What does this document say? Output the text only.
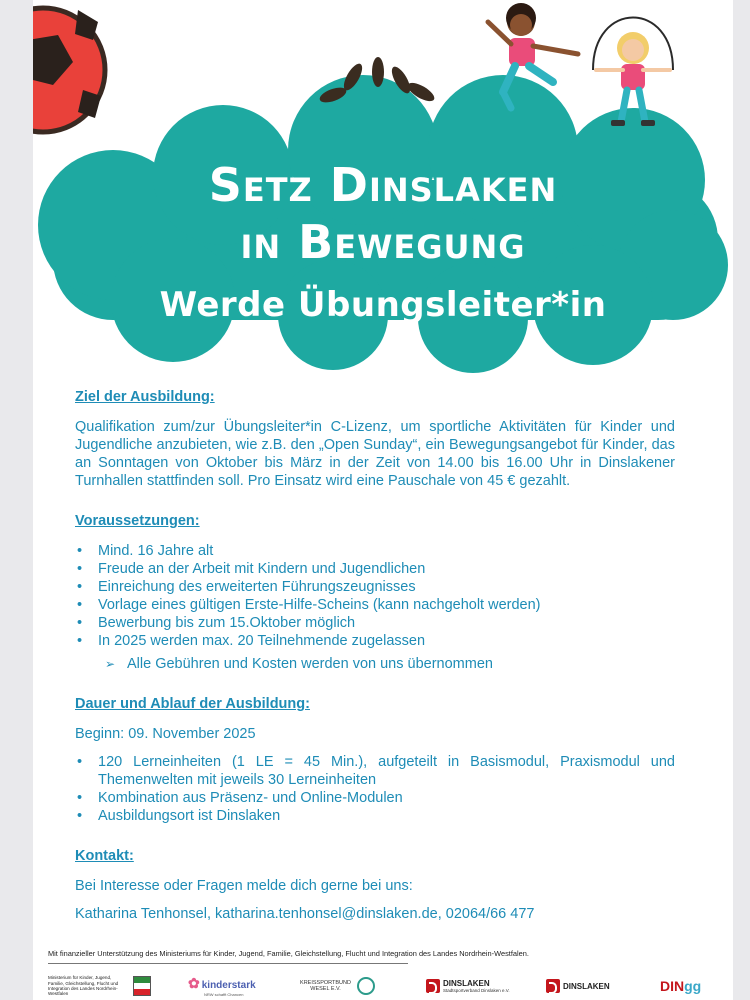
Setz Dinslaken
in Bewegung
Werde Übungsleiter*in
Ziel der Ausbildung:
Qualifikation zum/zur Übungsleiter*in C-Lizenz, um sportliche Aktivitäten für Kinder und Jugendliche anzubieten, wie z.B. den „Open Sunday“, ein Bewegungsangebot für Kinder, das an Sonntagen von Oktober bis März in der Zeit von 14.00 bis 16.00 Uhr in Dinslakener Turnhallen stattfinden soll. Pro Einsatz wird eine Pauschale von 45 € gezahlt.
Voraussetzungen:
• Mind. 16 Jahre alt
• Freude an der Arbeit mit Kindern und Jugendlichen
• Einreichung des erweiterten Führungszeugnisses
• Vorlage eines gültigen Erste-Hilfe-Scheins (kann nachgeholt werden)
• Bewerbung bis zum 15.Oktober möglich
• In 2025 werden max. 20 Teilnehmende zugelassen
➢ Alle Gebühren und Kosten werden von uns übernommen
Dauer und Ablauf der Ausbildung:
Beginn: 09. November 2025
• 120 Lerneinheiten (1 LE = 45 Min.), aufgeteilt in Basismodul, Praxismodul und Themenwelten mit jeweils 30 Lerneinheiten
• Kombination aus Präsenz- und Online-Modulen
• Ausbildungsort ist Dinslaken
Kontakt:
Bei Interesse oder Fragen melde dich gerne bei uns:
Katharina Tenhonsel, katharina.tenhonsel@dinslaken.de, 02064/66 477
Mit finanzieller Unterstützung des Ministeriums für Kinder, Jugend, Familie, Gleichstellung, Flucht und Integration des Landes Nordrhein-Westfalen.
Ministerium für Kinder, Jugend, Familie, Gleichstellung, Flucht und Integration des Landes Nordrhein-Westfalen
✿ kinderstark
NRW schafft Chancen
KREISSPORTBUND WESEL E.V.
DINSLAKEN
Stadtsportverband Dinslaken e.V.	DINSLAKEN	DINgg
